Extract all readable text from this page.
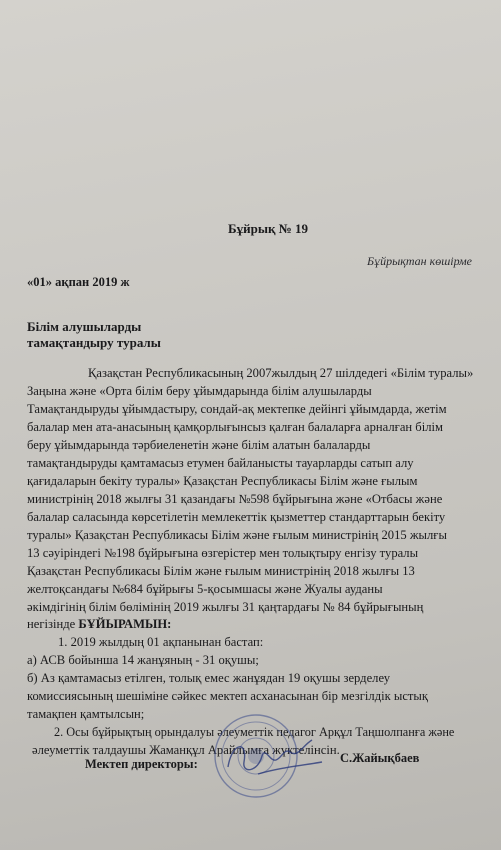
Бұйрық № 19
Бұйрықтан көшірме
«01» ақпан 2019 ж
Білім алушыларды
тамақтандыру туралы
Қазақстан Республикасының 2007жылдың 27 шілдедегі «Білім туралы»
Заңына және «Орта білім беру ұйымдарында білім алушыларды
Тамақтандыруды ұйымдастыру, сондай-ақ мектепке дейінгі ұйымдарда, жетім
балалар мен ата-анасының қамқорлығынсыз қалған балаларға арналған білім
беру ұйымдарында тәрбиеленетін және білім алатын балаларды
тамақтандыруды қамтамасыз етумен байланысты тауарларды сатып алу
қағидаларын бекіту туралы» Қазақстан Республикасы Білім және ғылым
министрінің 2018 жылғы 31 қазандағы №598 бұйрығына және «Отбасы және
балалар саласында көрсетілетін мемлекеттік қызметтер стандарттарын бекіту
туралы» Қазақстан Республикасы Білім және ғылым министрінің 2015 жылғы
13 сәуіріндегі №198 бұйрығына өзгерістер мен толықтыру енгізу туралы
Қазақстан Республикасы Білім және ғылым министрінің 2018 жылғы 13
желтоқсандағы №684 бұйрығы 5-қосымшасы және Жуалы ауданы
әкімдігінің білім бөлімінің 2019 жылғы 31 қаңтардағы № 84 бұйрығының
негізінде БҰЙЫРАМЫН:
1. 2019 жылдың 01 ақпанынан бастап:
а) АСВ бойынша 14 жанұяның - 31 оқушы;
б) Аз қамтамасыз етілген, толық емес жанұядан 19 оқушы зерделеу
комиссиясының шешіміне сәйкес мектеп асханасынан бір мезгілдік ыстық
тамақпен қамтылсын;
2. Осы бұйрықтың орындалуы әлеуметтік педагог Арқұл Таңшолпанға және
әлеуметтік талдаушы Жаманқұл Арайлымға жүктелінсін.
Мектеп директоры:	С.Жайықбаев
